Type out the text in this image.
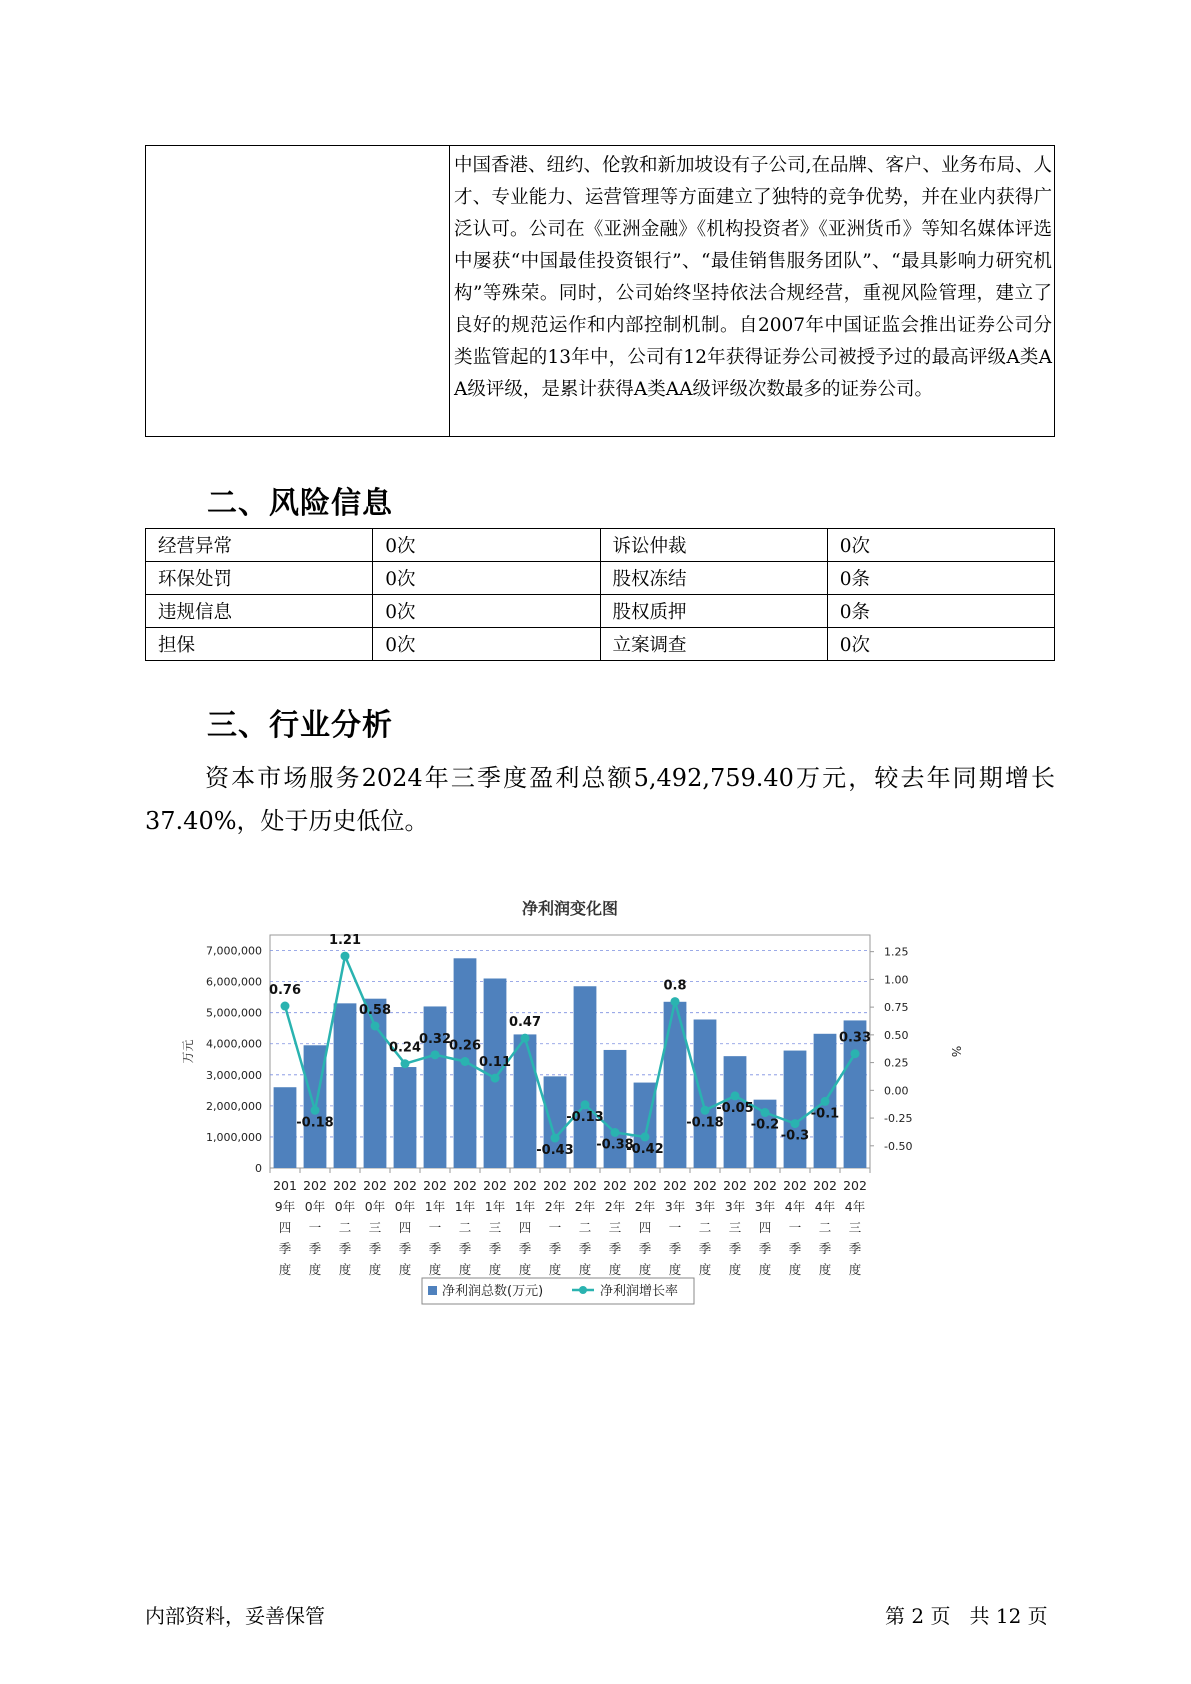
中国香港、纽约、伦敦和新加坡设有子公司,在品牌、客户、业务布局、人才、专业能力、运营管理等方面建立了独特的竞争优势，并在业内获得广泛认可。公司在《亚洲金融》《机构投资者》《亚洲货币》等知名媒体评选中屡获“中国最佳投资银行”、“最佳销售服务团队”、“最具影响力研究机构”等殊荣。同时，公司始终坚持依法合规经营，重视风险管理，建立了良好的规范运作和内部控制机制。自2007年中国证监会推出证券公司分类监管起的13年中，公司有12年获得证券公司被授予过的最高评级A类AA级评级，是累计获得A类AA级评级次数最多的证券公司。
二、风险信息
经营异常	0次	诉讼仲裁	0次
环保处罚	0次	股权冻结	0条
违规信息	0次	股权质押	0条
担保	0次	立案调查	0次
三、行业分析
资本市场服务2024年三季度盈利总额5,492,759.40万元，较去年同期增长37.40%，处于历史低位。
净利润变化图
0
1,000,000
2,000,000
3,000,000
4,000,000
5,000,000
6,000,000
7,000,000
-0.50
-0.25
0.00
0.25
0.50
0.75
1.00
1.25
万元	%
201
9年
四
季
度
202
0年
一
季
度
202
0年
二
季
度
202
0年
三
季
度
202
0年
四
季
度
202
1年
一
季
度
202
1年
二
季
度
202
1年
三
季
度
202
1年
四
季
度
202
2年
一
季
度
202
2年
二
季
度
202
2年
三
季
度
202
2年
四
季
度
202
3年
一
季
度
202
3年
二
季
度
202
3年
三
季
度
202
3年
四
季
度
202
4年
一
季
度
202
4年
二
季
度
202
4年
三
季
度
0.76
-0.18
1.21
0.58
0.24
0.32
0.26
0.11
0.47
-0.43
-0.13
-0.38
-0.42
0.8
-0.18
-0.05
-0.2
-0.3
-0.1
0.33
净利润总数(万元)	净利润增长率
内部资料，妥善保管	第 2 页   共 12 页
